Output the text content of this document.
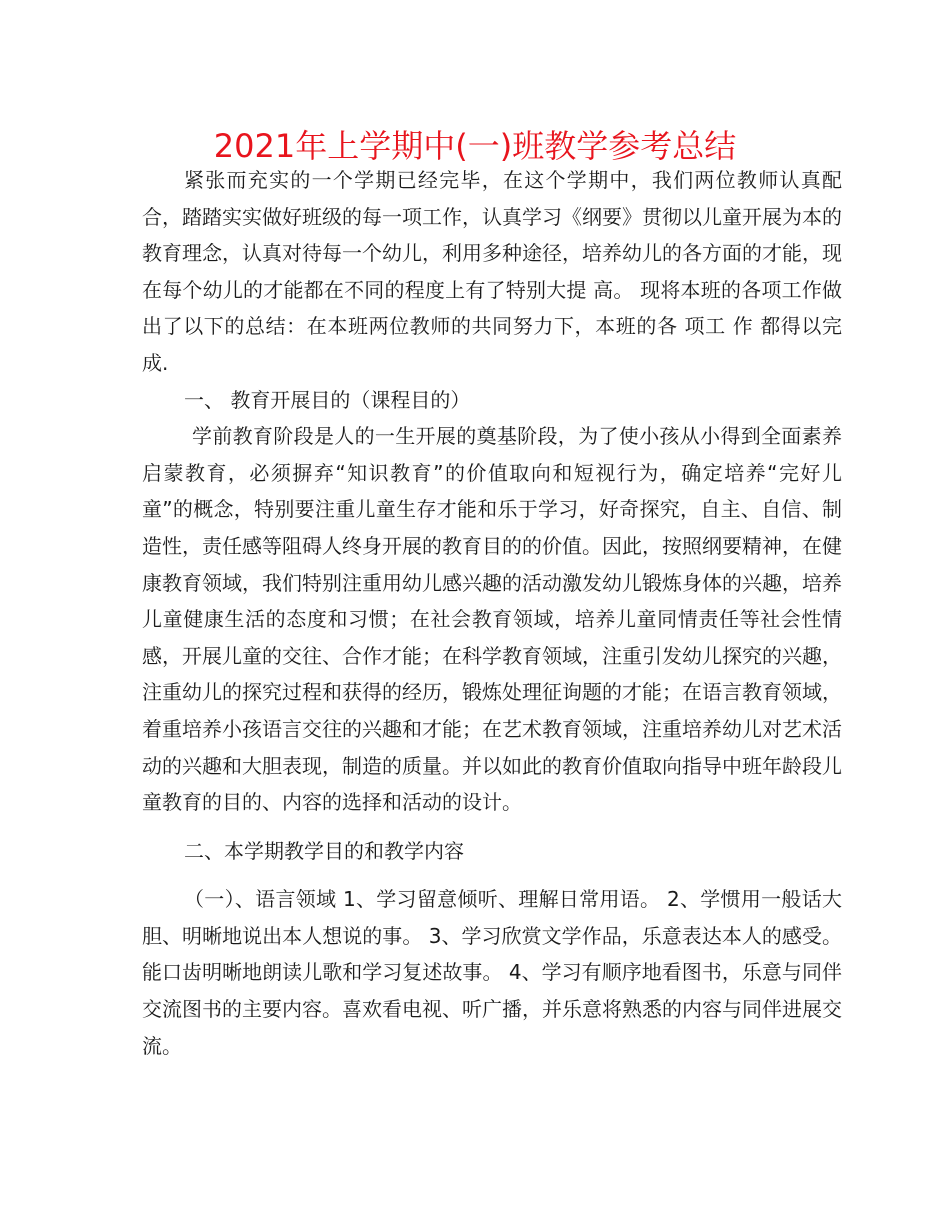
2021年上学期中(一)班教学参考总结

紧张而充实的一个学期已经完毕，在这个学期中，我们两位教师认真配合，踏踏实实做好班级的每一项工作，认真学习《纲要》贯彻以儿童开展为本的教育理念，认真对待每一个幼儿，利用多种途径，培养幼儿的各方面的才能，现在每个幼儿的才能都在不同的程度上有了特别大提 高。 现将本班的各项工作做出了以下的总结：在本班两位教师的共同努力下，本班的各 项工 作 都得以完成.

一、 教育开展目的（课程目的）

学前教育阶段是人的一生开展的奠基阶段，为了使小孩从小得到全面素养启蒙教育，必须摒弃“知识教育”的价值取向和短视行为，确定培养“完好儿童”的概念，特别要注重儿童生存才能和乐于学习，好奇探究，自主、自信、制造性，责任感等阻碍人终身开展的教育目的的价值。因此，按照纲要精神，在健康教育领域，我们特别注重用幼儿感兴趣的活动激发幼儿锻炼身体的兴趣，培养儿童健康生活的态度和习惯；在社会教育领域，培养儿童同情责任等社会性情感，开展儿童的交往、合作才能；在科学教育领域，注重引发幼儿探究的兴趣，注重幼儿的探究过程和获得的经历，锻炼处理征询题的才能；在语言教育领域，着重培养小孩语言交往的兴趣和才能；在艺术教育领域，注重培养幼儿对艺术活动的兴趣和大胆表现，制造的质量。并以如此的教育价值取向指导中班年龄段儿童教育的目的、内容的选择和活动的设计。

二、本学期教学目的和教学内容

（一）、语言领域 1、学习留意倾听、理解日常用语。 2、学惯用一般话大胆、明晰地说出本人想说的事。 3、学习欣赏文学作品，乐意表达本人的感受。能口齿明晰地朗读儿歌和学习复述故事。 4、学习有顺序地看图书，乐意与同伴交流图书的主要内容。喜欢看电视、听广播，并乐意将熟悉的内容与同伴进展交流。
